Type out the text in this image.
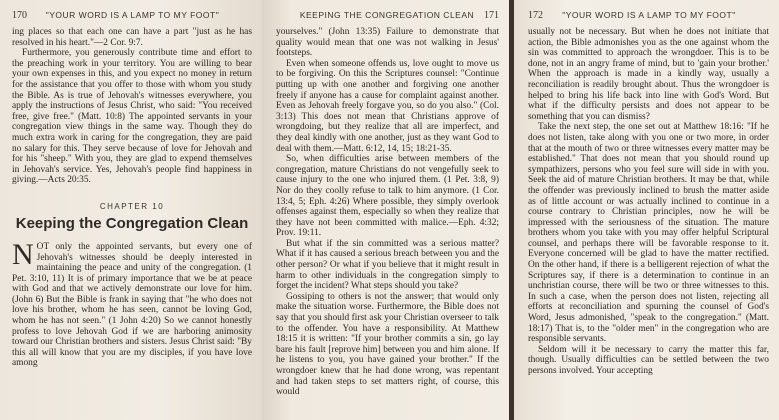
170 "YOUR WORD IS A LAMP TO MY FOOT"

ing places so that each one can have a part "just as he has resolved in his heart."—2 Cor. 9:7.

Furthermore, you generously contribute time and effort to the preaching work in your territory. You are willing to bear your own expenses in this, and you expect no money in return for the assistance that you offer to those with whom you study the Bible. As is true of Jehovah's witnesses everywhere, you apply the instructions of Jesus Christ, who said: "You received free, give free." (Matt. 10:8) The appointed servants in your congregation view things in the same way. Though they do much extra work in caring for the congregation, they are paid no salary for this. They serve because of love for Jehovah and for his "sheep." With you, they are glad to expend themselves in Jehovah's service. Yes, Jehovah's people find happiness in giving.—Acts 20:35.

CHAPTER 10
Keeping the Congregation Clean

NOT only the appointed servants, but every one of Jehovah's witnesses should be deeply interested in maintaining the peace and unity of the congregation. (1 Pet. 3:10, 11) It is of primary importance that we be at peace with God and that we actively demonstrate our love for him. (John 6) But the Bible is frank in saying that "he who does not love his brother, whom he has seen, cannot be loving God, whom he has not seen." (1 John 4:20) So we cannot honestly profess to love Jehovah God if we are harboring animosity toward our Christian brothers and sisters. Jesus Christ said: "By this all will know that you are my disciples, if you have love among

KEEPING THE CONGREGATION CLEAN 171

yourselves." (John 13:35) Failure to demonstrate that quality would mean that one was not walking in Jesus' footsteps.

Even when someone offends us, love ought to move us to be forgiving. On this the Scriptures counsel: "Continue putting up with one another and forgiving one another freely if anyone has a cause for complaint against another. Even as Jehovah freely forgave you, so do you also." (Col. 3:13) This does not mean that Christians approve of wrongdoing, but they realize that all are imperfect, and they deal kindly with one another, just as they want God to deal with them.—Matt. 6:12, 14, 15; 18:21-35.

So, when difficulties arise between members of the congregation, mature Christians do not vengefully seek to cause injury to the one who injured them. (1 Pet. 3:8, 9) Nor do they coolly refuse to talk to him anymore. (1 Cor. 13:4, 5; Eph. 4:26) Where possible, they simply overlook offenses against them, especially so when they realize that they have not been committed with malice.—Eph. 4:32; Prov. 19:11.

But what if the sin committed was a serious matter? What if it has caused a serious breach between you and the other person? Or what if you believe that it might result in harm to other individuals in the congregation simply to forget the incident? What steps should you take?

Gossiping to others is not the answer; that would only make the situation worse. Furthermore, the Bible does not say that you should first ask your Christian overseer to talk to the offender. You have a responsibility. At Matthew 18:15 it is written: "If your brother commits a sin, go lay bare his fault [reprove him] between you and him alone. If he listens to you, you have gained your brother." If the wrongdoer knew that he had done wrong, was repentant and had taken steps to set matters right, of course, this would

172 "YOUR WORD IS A LAMP TO MY FOOT"

usually not be necessary. But when he does not initiate that action, the Bible admonishes you as the one against whom the sin was committed to approach the wrongdoer. This is to be done, not in an angry frame of mind, but to 'gain your brother.' When the approach is made in a kindly way, usually a reconciliation is readily brought about. Thus the wrongdoer is helped to bring his life back into line with God's Word. But what if the difficulty persists and does not appear to be something that you can dismiss?

Take the next step, the one set out at Matthew 18:16: "If he does not listen, take along with you one or two more, in order that at the mouth of two or three witnesses every matter may be established." That does not mean that you should round up sympathizers, persons who you feel sure will side in with you. Seek the aid of mature Christian brothers. It may be that, while the offender was previously inclined to brush the matter aside as of little account or was actually inclined to continue in a course contrary to Christian principles, now he will be impressed with the seriousness of the situation. The mature brothers whom you take with you may offer helpful Scriptural counsel, and perhaps there will be favorable response to it. Everyone concerned will be glad to have the matter rectified. On the other hand, if there is a belligerent rejection of what the Scriptures say, if there is a determination to continue in an unchristian course, there will be two or three witnesses to this. In such a case, when the person does not listen, rejecting all efforts at reconciliation and spurning the counsel of God's Word, Jesus admonished, "speak to the congregation." (Matt. 18:17) That is, to the "older men" in the congregation who are responsible servants.

Seldom will it be necessary to carry the matter this far, though. Usually difficulties can be settled between the two persons involved. Your accepting
